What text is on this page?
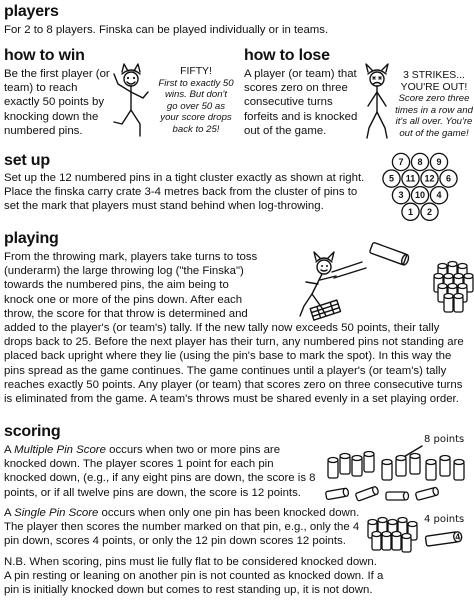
players
For 2 to 8 players. Finska can be played individually or in teams.
how to win
Be the first player (or
team) to reach
exactly 50 points by
knocking down the
numbered pins.
FIFTY!
First to exactly 50
wins. But don't
go over 50 as
your score drops
back to 25!
how to lose
A player (or team) that
scores zero on three
consecutive turns
forfeits and is knocked
out of the game.
3 STRIKES...
YOU'RE OUT!
Score zero three
times in a row and
it's all over. You're
out of the game!
set up
Set up the 12 numbered pins in a tight cluster exactly as shown at right.
Place the finska carry crate 3-4 metres back from the cluster of pins to
set the mark that players must stand behind when log-throwing.
7 8 9
5 11 12 6
3 10 4
1 2
playing
From the throwing mark, players take turns to toss
(underarm) the large throwing log ("the Finska")
towards the numbered pins, the aim being to
knock one or more of the pins down. After each
throw, the score for that throw is determined and
added to the player's (or team's) tally. If the new tally now exceeds 50 points, their tally
drops back to 25. Before the next player has their turn, any numbered pins not standing are
placed back upright where they lie (using the pin's base to mark the spot). In this way the
pins spread as the game continues. The game continues until a player's (or team's) tally
reaches exactly 50 points. Any player (or team) that scores zero on three consecutive turns
is eliminated from the game. A team's throws must be shared evenly in a set playing order.
scoring
A Multiple Pin Score occurs when two or more pins are
knocked down. The player scores 1 point for each pin
knocked down, (e.g., if any eight pins are down, the score is 8
points, or if all twelve pins are down, the score is 12 points.
A Single Pin Score occurs when only one pin has been knocked down.
The player then scores the number marked on that pin, e.g., only the 4
pin down, scores 4 points, or only the 12 pin down scores 12 points.
N.B. When scoring, pins must lie fully flat to be considered knocked down.
A pin resting or leaning on another pin is not counted as knocked down. If a
pin is initially knocked down but comes to rest standing up, it is not down.
8 points
4 points
4
